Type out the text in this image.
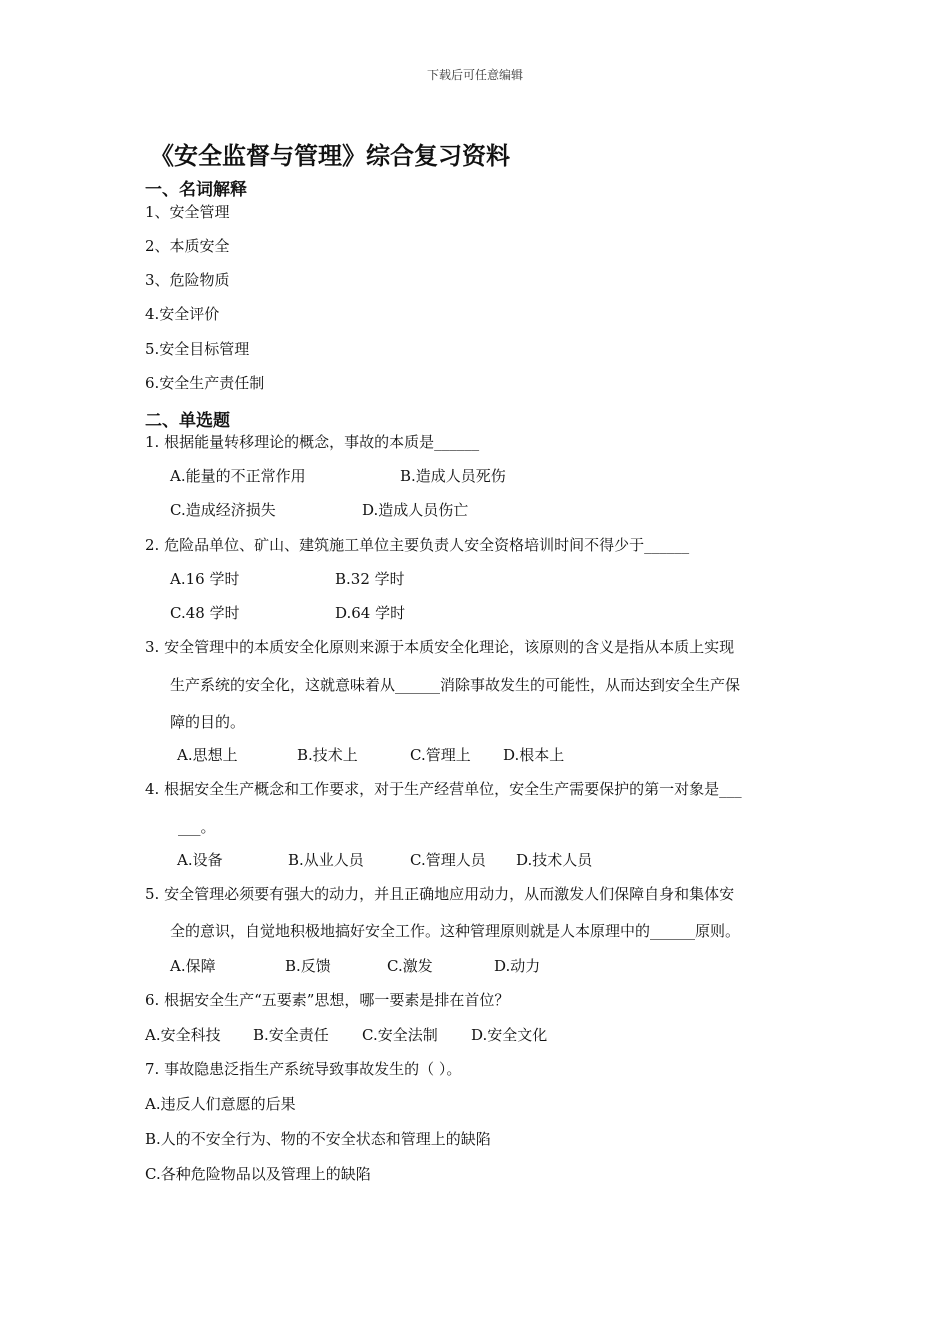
下载后可任意编辑
《安全监督与管理》综合复习资料
一、名词解释
1、安全管理
2、本质安全
3、危险物质
4.安全评价
5.安全目标管理
6.安全生产责任制
二、单选题
1. 根据能量转移理论的概念，事故的本质是______
A.能量的不正常作用	B.造成人员死伤
C.造成经济损失	D.造成人员伤亡
2. 危险品单位、矿山、建筑施工单位主要负责人安全资格培训时间不得少于______
A.16 学时	B.32 学时
C.48 学时	D.64 学时
3. 安全管理中的本质安全化原则来源于本质安全化理论，该原则的含义是指从本质上实现
生产系统的安全化，这就意味着从______消除事故发生的可能性，从而达到安全生产保
障的目的。
A.思想上	B.技术上	C.管理上 D.根本上
4. 根据安全生产概念和工作要求，对于生产经营单位，安全生产需要保护的第一对象是___
___。
A.设备	B.从业人员	C.管理人员 D.技术人员
5. 安全管理必须要有强大的动力，并且正确地应用动力，从而激发人们保障自身和集体安
全的意识，自觉地积极地搞好安全工作。这种管理原则就是人本原理中的______原则。
A.保障	B.反馈	C.激发	D.动力
6. 根据安全生产“五要素”思想，哪一要素是排在首位？
A.安全科技 B.安全责任 C.安全法制 D.安全文化
7. 事故隐患泛指生产系统导致事故发生的（ ）。
A.违反人们意愿的后果
B.人的不安全行为、物的不安全状态和管理上的缺陷
C.各种危险物品以及管理上的缺陷
